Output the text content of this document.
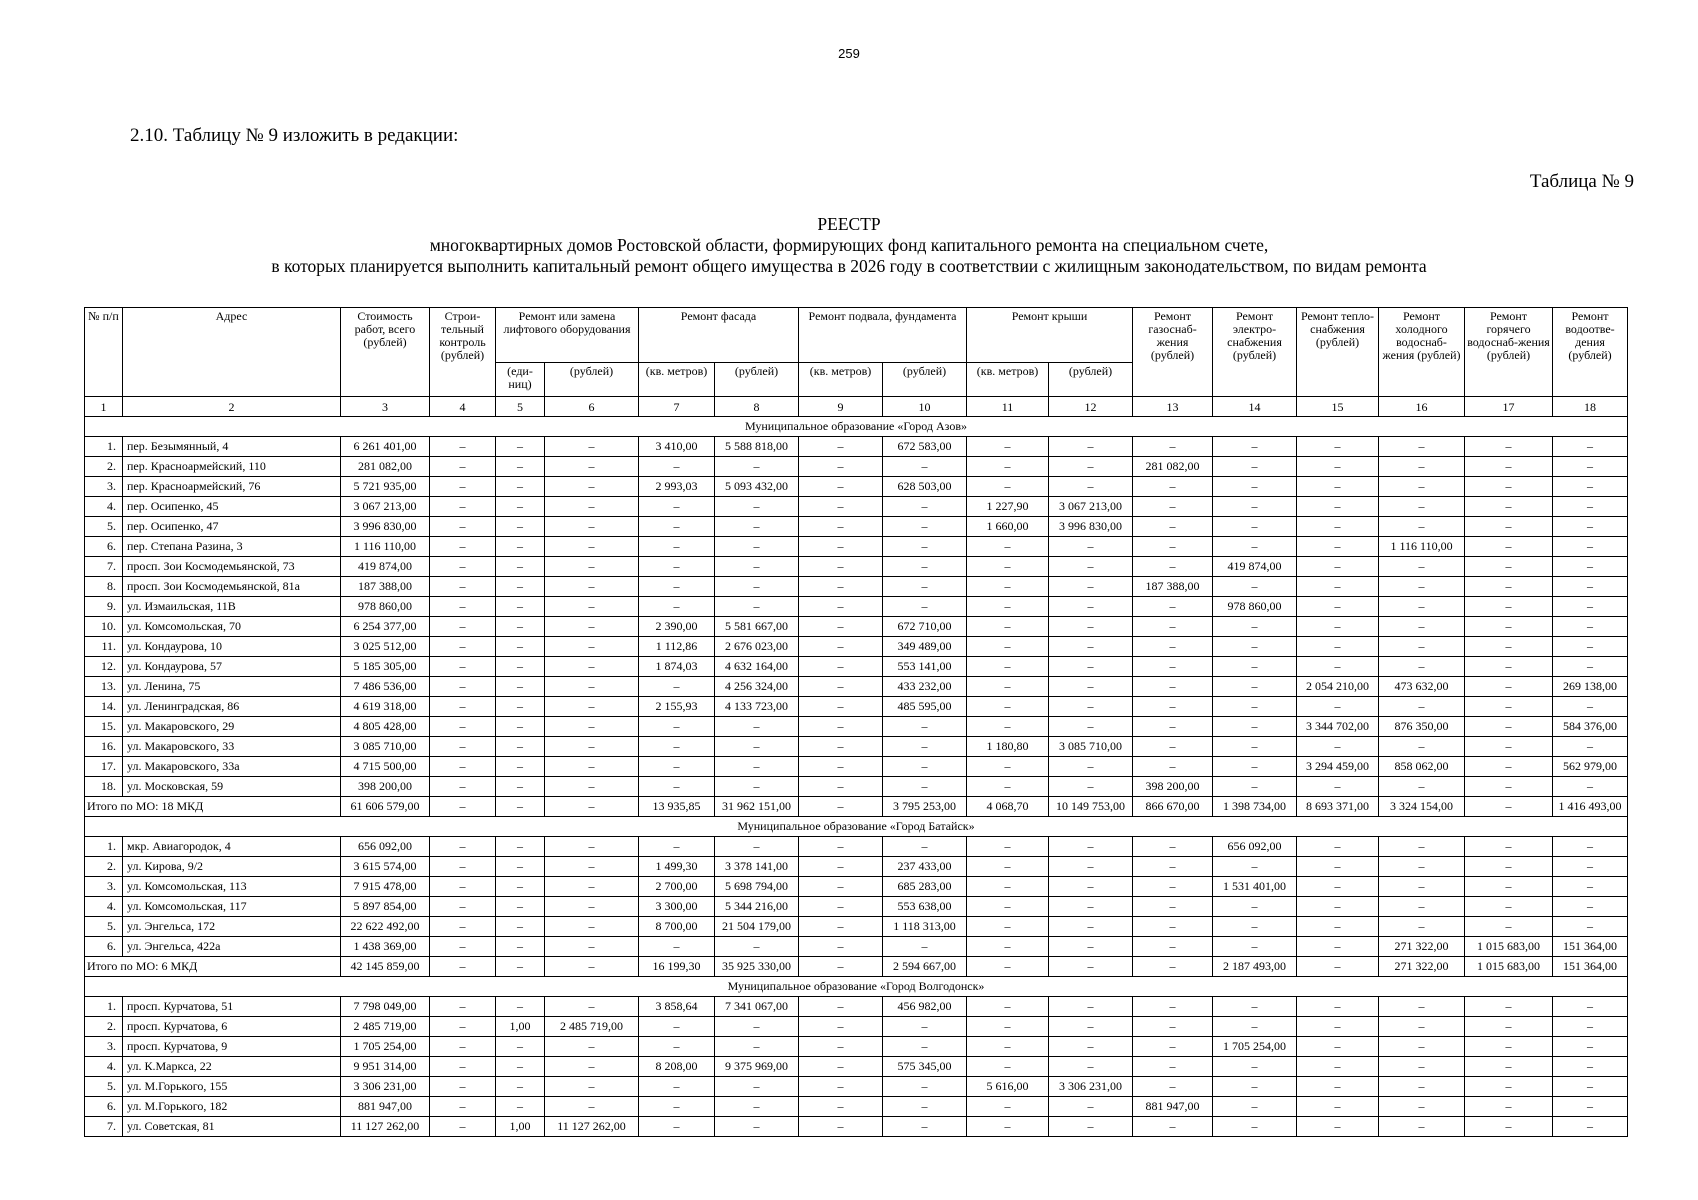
259
2.10. Таблицу № 9 изложить в редакции:
Таблица № 9
РЕЕСТР
многоквартирных домов Ростовской области, формирующих фонд капитального ремонта на специальном счете,
в которых планируется выполнить капитальный ремонт общего имущества в 2026 году в соответствии с жилищным законодательством, по видам ремонта
№ п/п	Адрес	Стоимость работ, всего (рублей)	Строи-тельный контроль (рублей)	Ремонт или замена лифтового оборудования		Ремонт фасада		Ремонт подвала, фундамента		Ремонт крыши		Ремонт газоснаб-жения (рублей)	Ремонт электро-снабжения (рублей)	Ремонт тепло-снабжения (рублей)	Ремонт холодного водоснаб-жения (рублей)	Ремонт горячего водоснаб-жения (рублей)	Ремонт водоотве-дения (рублей)
				(еди-ниц)	(рублей)	(кв. метров)	(рублей)	(кв. метров)	(рублей)	(кв. метров)	(рублей)						
1	2	3	4	5	6	7	8	9	10	11	12	13	14	15	16	17	18
Муниципальное образование «Город Азов»																	
1.	пер. Безымянный, 4	6 261 401,00	–	–	–	3 410,00	5 588 818,00	–	672 583,00	–	–	–	–	–	–	–	–
2.	пер. Красноармейский, 110	281 082,00	–	–	–	–	–	–	–	–	–	281 082,00	–	–	–	–	–
3.	пер. Красноармейский, 76	5 721 935,00	–	–	–	2 993,03	5 093 432,00	–	628 503,00	–	–	–	–	–	–	–	–
4.	пер. Осипенко, 45	3 067 213,00	–	–	–	–	–	–	–	1 227,90	3 067 213,00	–	–	–	–	–	–
5.	пер. Осипенко, 47	3 996 830,00	–	–	–	–	–	–	–	1 660,00	3 996 830,00	–	–	–	–	–	–
6.	пер. Степана Разина, 3	1 116 110,00	–	–	–	–	–	–	–	–	–	–	–	–	1 116 110,00	–	–
7.	просп. Зои Космодемьянской, 73	419 874,00	–	–	–	–	–	–	–	–	–	–	419 874,00	–	–	–	–
8.	просп. Зои Космодемьянской, 81а	187 388,00	–	–	–	–	–	–	–	–	–	187 388,00	–	–	–	–	–
9.	ул. Измаильская, 11В	978 860,00	–	–	–	–	–	–	–	–	–	–	978 860,00	–	–	–	–
10.	ул. Комсомольская, 70	6 254 377,00	–	–	–	2 390,00	5 581 667,00	–	672 710,00	–	–	–	–	–	–	–	–
11.	ул. Кондаурова, 10	3 025 512,00	–	–	–	1 112,86	2 676 023,00	–	349 489,00	–	–	–	–	–	–	–	–
12.	ул. Кондаурова, 57	5 185 305,00	–	–	–	1 874,03	4 632 164,00	–	553 141,00	–	–	–	–	–	–	–	–
13.	ул. Ленина, 75	7 486 536,00	–	–	–	–	4 256 324,00	–	433 232,00	–	–	–	–	2 054 210,00	473 632,00	–	269 138,00
14.	ул. Ленинградская, 86	4 619 318,00	–	–	–	2 155,93	4 133 723,00	–	485 595,00	–	–	–	–	–	–	–	–
15.	ул. Макаровского, 29	4 805 428,00	–	–	–	–	–	–	–	–	–	–	–	3 344 702,00	876 350,00	–	584 376,00
16.	ул. Макаровского, 33	3 085 710,00	–	–	–	–	–	–	–	1 180,80	3 085 710,00	–	–	–	–	–	–
17.	ул. Макаровского, 33а	4 715 500,00	–	–	–	–	–	–	–	–	–	–	–	3 294 459,00	858 062,00	–	562 979,00
18.	ул. Московская, 59	398 200,00	–	–	–	–	–	–	–	–	–	398 200,00	–	–	–	–	–
Итого по МО: 18 МКД		61 606 579,00	–	–	–	13 935,85	31 962 151,00	–	3 795 253,00	4 068,70	10 149 753,00	866 670,00	1 398 734,00	8 693 371,00	3 324 154,00	–	1 416 493,00
Муниципальное образование «Город Батайск»																	
1.	мкр. Авиагородок, 4	656 092,00	–	–	–	–	–	–	–	–	–	–	656 092,00	–	–	–	–
2.	ул. Кирова, 9/2	3 615 574,00	–	–	–	1 499,30	3 378 141,00	–	237 433,00	–	–	–	–	–	–	–	–
3.	ул. Комсомольская, 113	7 915 478,00	–	–	–	2 700,00	5 698 794,00	–	685 283,00	–	–	–	1 531 401,00	–	–	–	–
4.	ул. Комсомольская, 117	5 897 854,00	–	–	–	3 300,00	5 344 216,00	–	553 638,00	–	–	–	–	–	–	–	–
5.	ул. Энгельса, 172	22 622 492,00	–	–	–	8 700,00	21 504 179,00	–	1 118 313,00	–	–	–	–	–	–	–	–
6.	ул. Энгельса, 422а	1 438 369,00	–	–	–	–	–	–	–	–	–	–	–	–	271 322,00	1 015 683,00	151 364,00
Итого по МО: 6 МКД		42 145 859,00	–	–	–	16 199,30	35 925 330,00	–	2 594 667,00	–	–	–	2 187 493,00	–	271 322,00	1 015 683,00	151 364,00
Муниципальное образование «Город Волгодонск»																	
1.	просп. Курчатова, 51	7 798 049,00	–	–	–	3 858,64	7 341 067,00	–	456 982,00	–	–	–	–	–	–	–	–
2.	просп. Курчатова, 6	2 485 719,00	–	1,00	2 485 719,00	–	–	–	–	–	–	–	–	–	–	–	–
3.	просп. Курчатова, 9	1 705 254,00	–	–	–	–	–	–	–	–	–	–	1 705 254,00	–	–	–	–
4.	ул. К.Маркса, 22	9 951 314,00	–	–	–	8 208,00	9 375 969,00	–	575 345,00	–	–	–	–	–	–	–	–
5.	ул. М.Горького, 155	3 306 231,00	–	–	–	–	–	–	–	5 616,00	3 306 231,00	–	–	–	–	–	–
6.	ул. М.Горького, 182	881 947,00	–	–	–	–	–	–	–	–	–	881 947,00	–	–	–	–	–
7.	ул. Советская, 81	11 127 262,00	–	1,00	11 127 262,00	–	–	–	–	–	–	–	–	–	–	–	–
